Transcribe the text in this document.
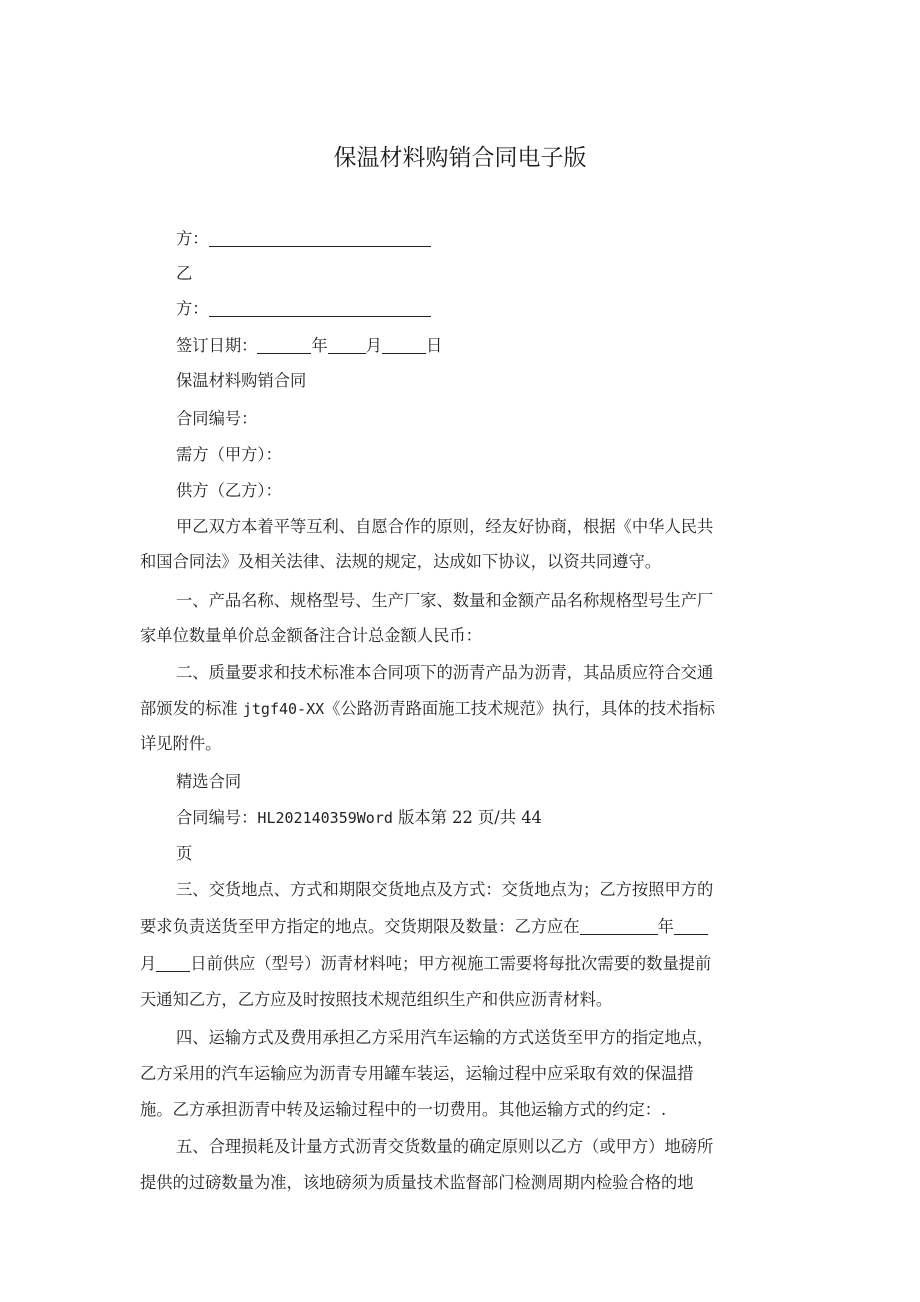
保温材料购销合同电子版
方：
乙
方：
签订日期：	年 月	日
保温材料购销合同
合同编号：
需方（甲方）：
供方（乙方）：
甲乙双方本着平等互利、自愿合作的原则，经友好协商，根据《中华人民共
和国合同法》及相关法律、法规的规定，达成如下协议，以资共同遵守。
一、产品名称、规格型号、生产厂家、数量和金额产品名称规格型号生产厂
家单位数量单价总金额备注合计总金额人民币：
二、质量要求和技术标准本合同项下的沥青产品为沥青，其品质应符合交通
部颁发的标准 jtgf40-XX《公路沥青路面施工技术规范》执行，具体的技术指标
详见附件。
精选合同
合同编号：HL202140359Word 版本第 22 页/共 44
页
三、交货地点、方式和期限交货地点及方式：交货地点为；乙方按照甲方的
要求负责送货至甲方指定的地点。交货期限及数量：乙方应在	年
月 日前供应（型号）沥青材料吨；甲方视施工需要将每批次需要的数量提前
天通知乙方，乙方应及时按照技术规范组织生产和供应沥青材料。
四、运输方式及费用承担乙方采用汽车运输的方式送货至甲方的指定地点，
乙方采用的汽车运输应为沥青专用罐车装运，运输过程中应采取有效的保温措
施。乙方承担沥青中转及运输过程中的一切费用。其他运输方式的约定：.
五、合理损耗及计量方式沥青交货数量的确定原则以乙方（或甲方）地磅所
提供的过磅数量为准，该地磅须为质量技术监督部门检测周期内检验合格的地
